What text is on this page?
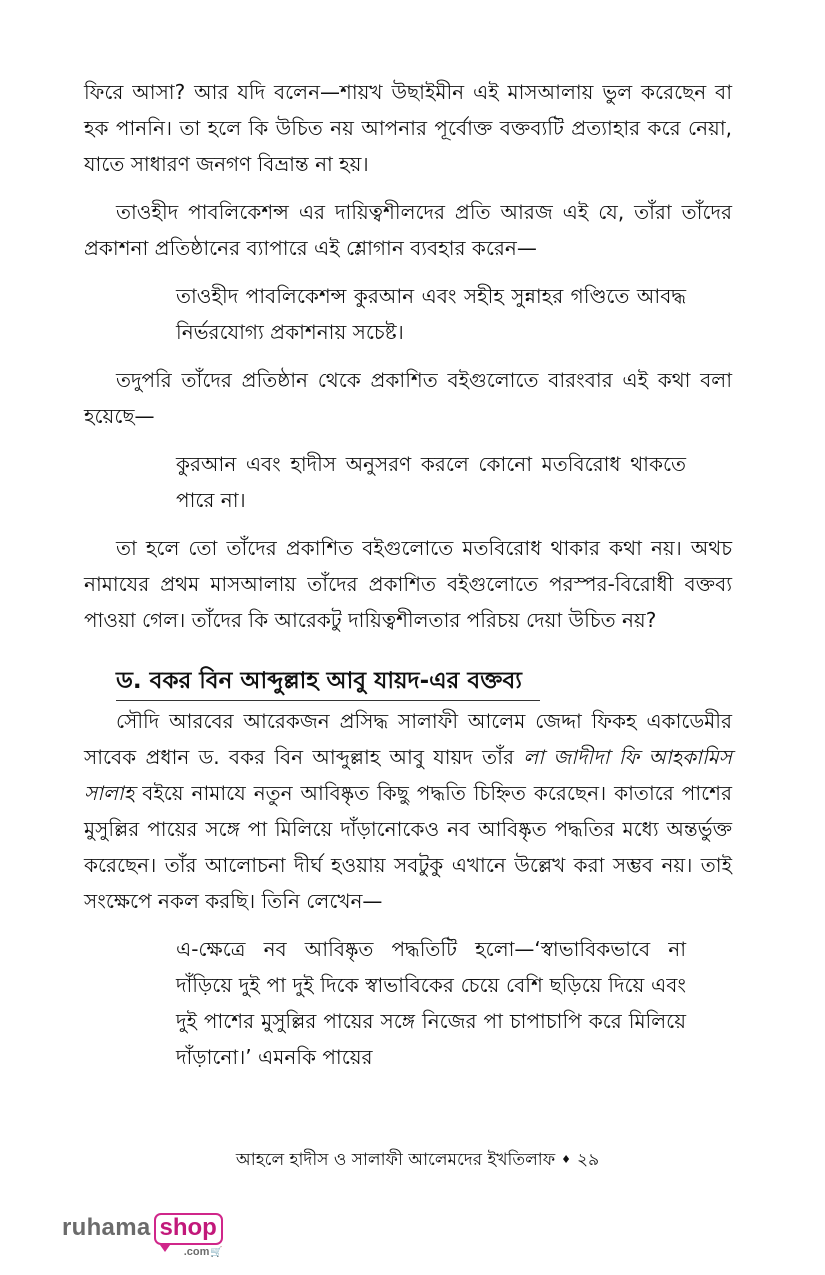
ফিরে আসা? আর যদি বলেন—শায়খ উছাইমীন এই মাসআলায় ভুল করেছেন বা হক পাননি। তা হলে কি উচিত নয় আপনার পূর্বোক্ত বক্তব্যটি প্রত্যাহার করে নেয়া, যাতে সাধারণ জনগণ বিভ্রান্ত না হয়।

তাওহীদ পাবলিকেশন্স এর দায়িত্বশীলদের প্রতি আরজ এই যে, তাঁরা তাঁদের প্রকাশনা প্রতিষ্ঠানের ব্যাপারে এই শ্লোগান ব্যবহার করেন—

তাওহীদ পাবলিকেশন্স কুরআন এবং সহীহ সুন্নাহর গণ্ডিতে আবদ্ধ নির্ভরযোগ্য প্রকাশনায় সচেষ্ট।

তদুপরি তাঁদের প্রতিষ্ঠান থেকে প্রকাশিত বইগুলোতে বারংবার এই কথা বলা হয়েছে—

কুরআন এবং হাদীস অনুসরণ করলে কোনো মতবিরোধ থাকতে পারে না।

তা হলে তো তাঁদের প্রকাশিত বইগুলোতে মতবিরোধ থাকার কথা নয়। অথচ নামাযের প্রথম মাসআলায় তাঁদের প্রকাশিত বইগুলোতে পরস্পর-বিরোধী বক্তব্য পাওয়া গেল। তাঁদের কি আরেকটু দায়িত্বশীলতার পরিচয় দেয়া উচিত নয়?

ড. বকর বিন আব্দুল্লাহ আবু যায়দ-এর বক্তব্য

সৌদি আরবের আরেকজন প্রসিদ্ধ সালাফী আলেম জেদ্দা ফিকহ একাডেমীর সাবেক প্রধান ড. বকর বিন আব্দুল্লাহ আবু যায়দ তাঁর লা জাদীদা ফি আহকামিস সালাহ বইয়ে নামাযে নতুন আবিষ্কৃত কিছু পদ্ধতি চিহ্নিত করেছেন। কাতারে পাশের মুসুল্লির পায়ের সঙ্গে পা মিলিয়ে দাঁড়ানোকেও নব আবিষ্কৃত পদ্ধতির মধ্যে অন্তর্ভুক্ত করেছেন। তাঁর আলোচনা দীর্ঘ হওয়ায় সবটুকু এখানে উল্লেখ করা সম্ভব নয়। তাই সংক্ষেপে নকল করছি। তিনি লেখেন—

এ-ক্ষেত্রে নব আবিষ্কৃত পদ্ধতিটি হলো—‘স্বাভাবিকভাবে না দাঁড়িয়ে দুই পা দুই দিকে স্বাভাবিকের চেয়ে বেশি ছড়িয়ে দিয়ে এবং দুই পাশের মুসুল্লির পায়ের সঙ্গে নিজের পা চাপাচাপি করে মিলিয়ে দাঁড়ানো।’ এমনকি পায়ের

আহলে হাদীস ও সালাফী আলেমদের ইখতিলাফ ♦ ২৯
ruhama shop
.com🛒
